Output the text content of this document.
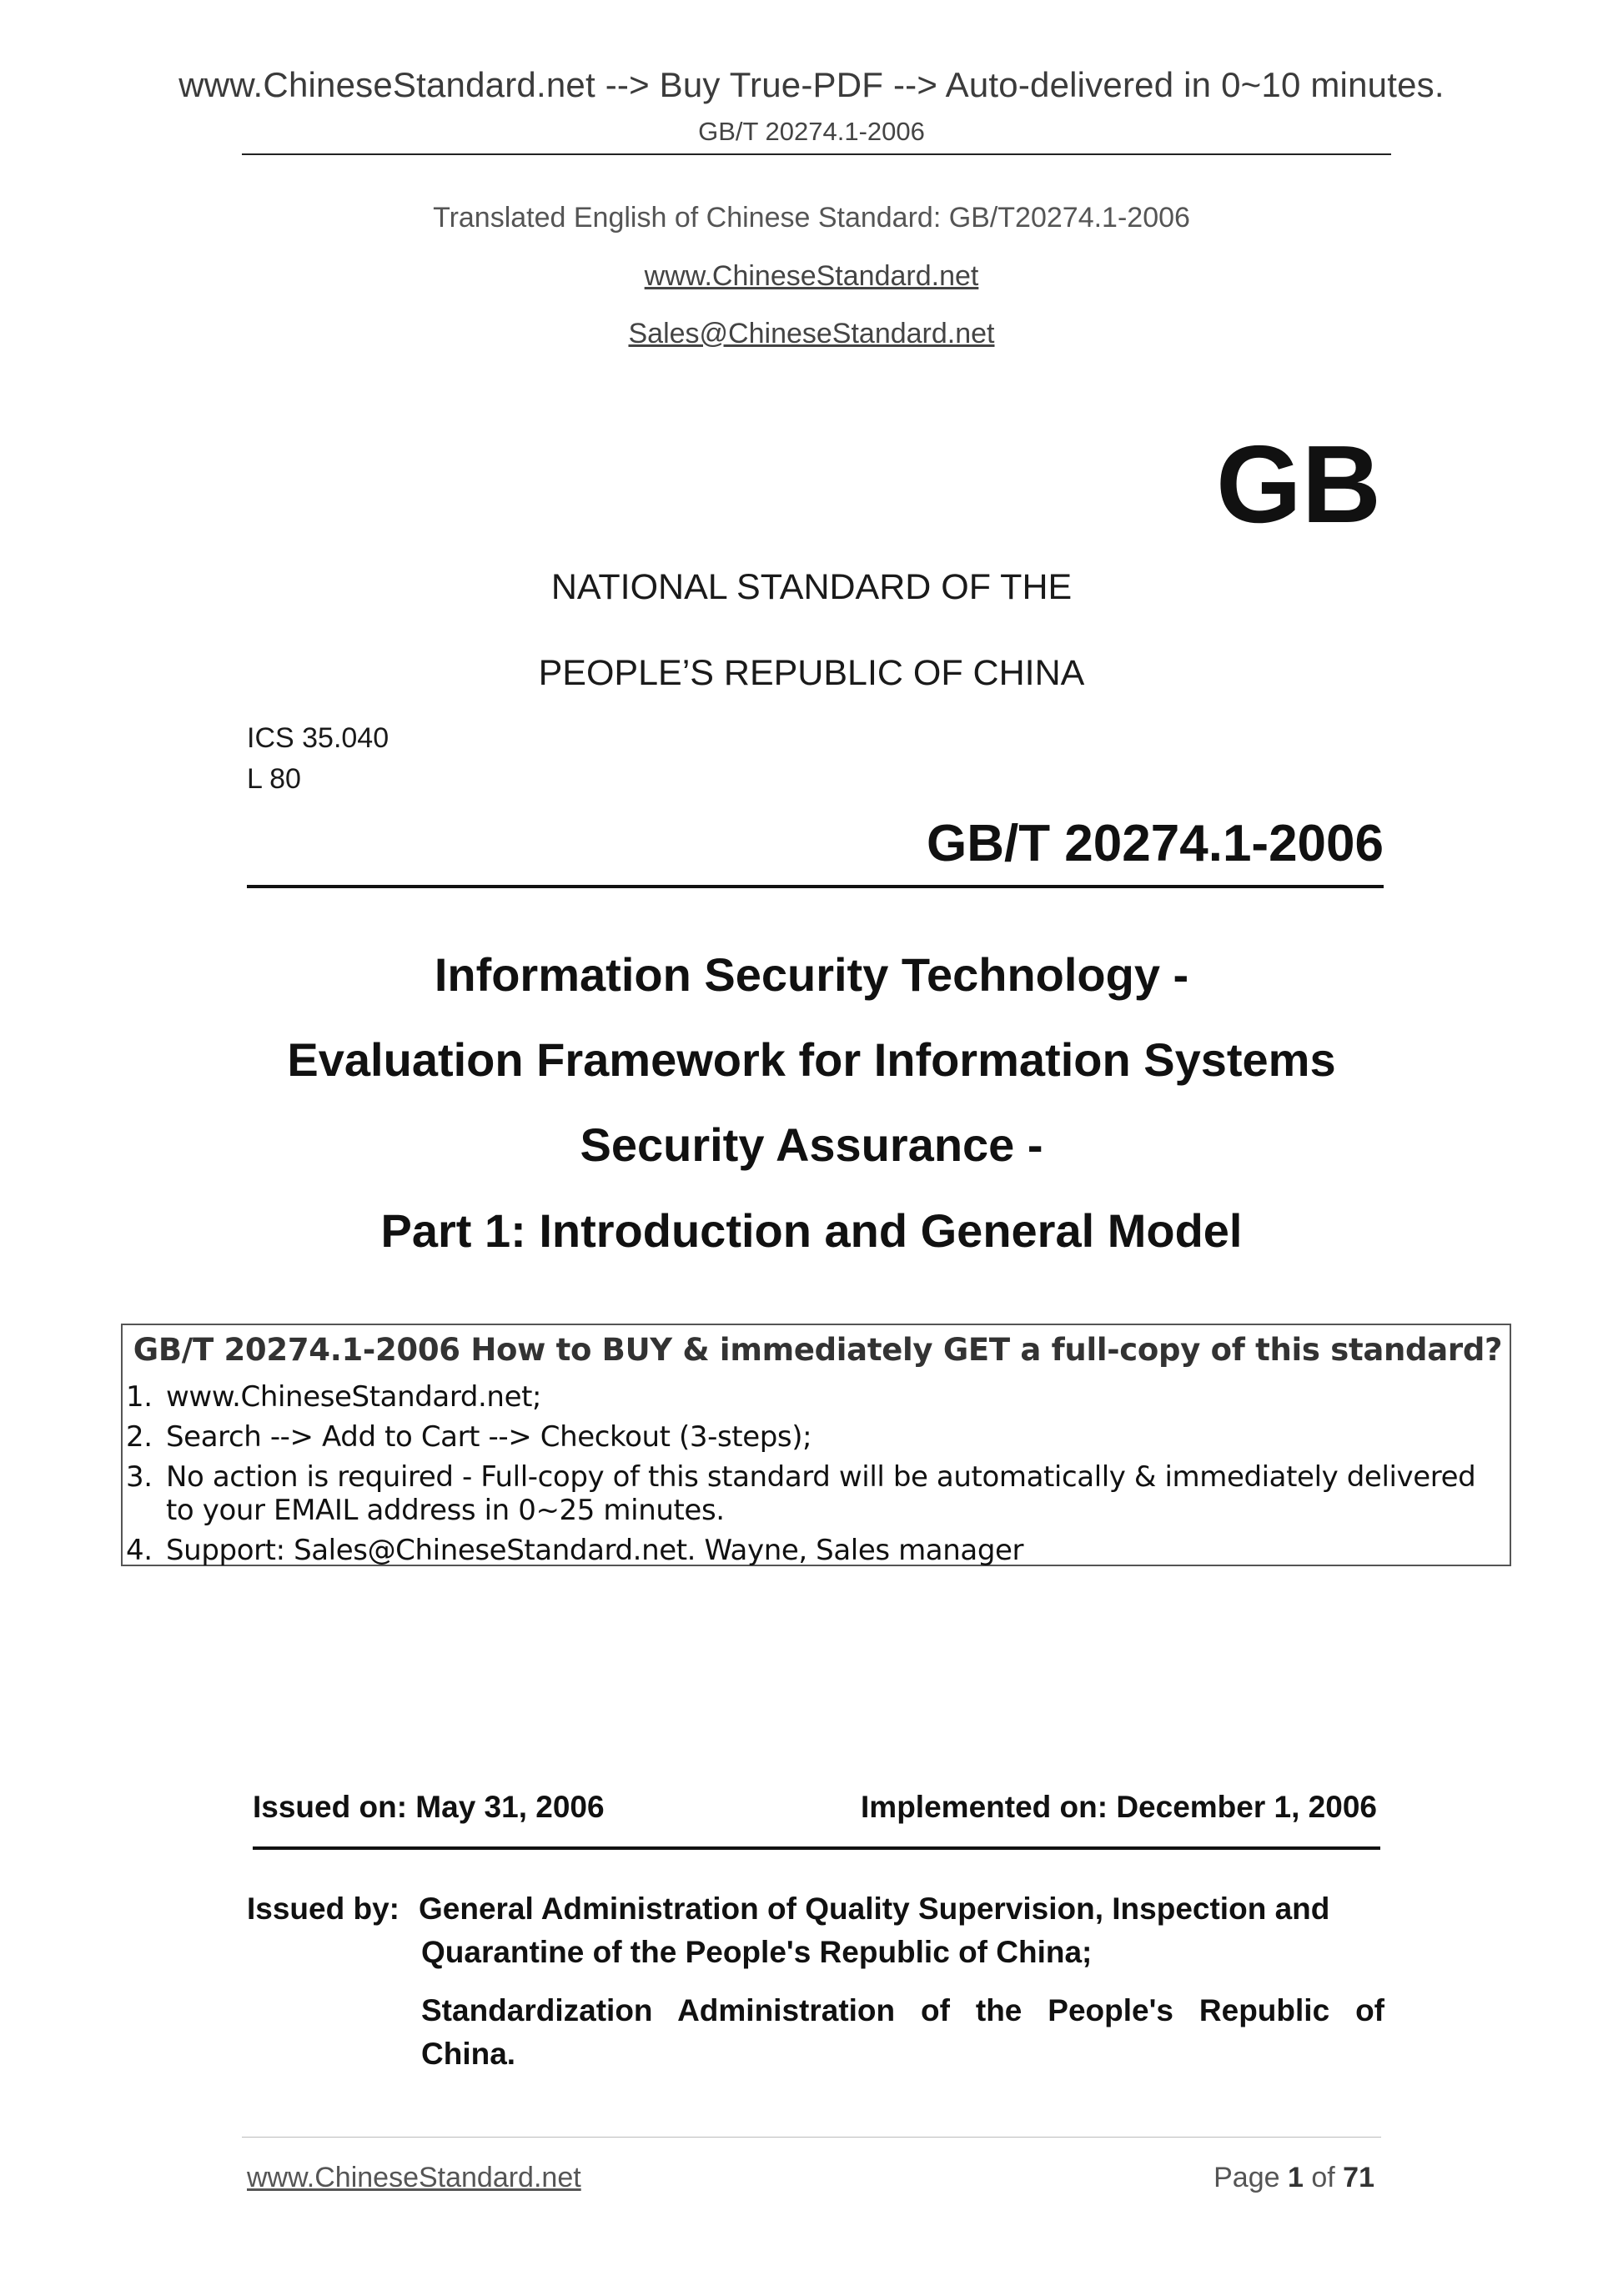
www.ChineseStandard.net --> Buy True-PDF --> Auto-delivered in 0~10 minutes.
GB/T 20274.1-2006
Translated English of Chinese Standard: GB/T20274.1-2006
www.ChineseStandard.net
Sales@ChineseStandard.net
GB
NATIONAL STANDARD OF THE
PEOPLE’S REPUBLIC OF CHINA
ICS 35.040
L 80
GB/T 20274.1-2006
Information Security Technology -
Evaluation Framework for Information Systems
Security Assurance -
Part 1: Introduction and General Model
GB/T 20274.1-2006 How to BUY & immediately GET a full-copy of this standard?
1. www.ChineseStandard.net;
2. Search --> Add to Cart --> Checkout (3-steps);
3. No action is required - Full-copy of this standard will be automatically & immediately delivered to your EMAIL address in 0~25 minutes.
4. Support: Sales@ChineseStandard.net. Wayne, Sales manager
Issued on: May 31, 2006	Implemented on: December 1, 2006
Issued by: General Administration of Quality Supervision, Inspection and
Quarantine of the People's Republic of China;
Standardization Administration of the People's Republic of
China.
www.ChineseStandard.net	Page 1 of 71
